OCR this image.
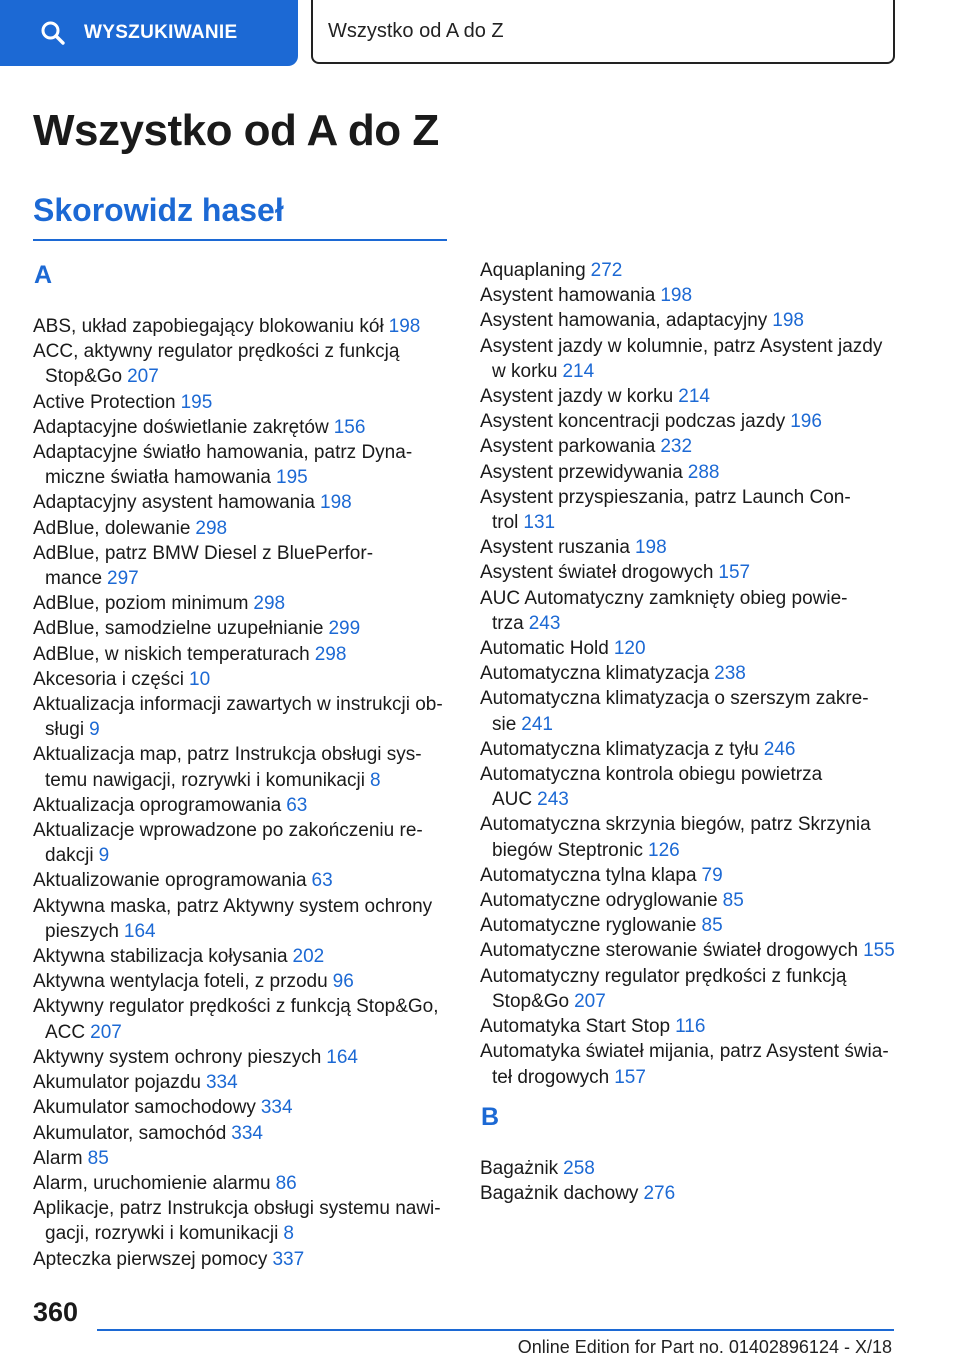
WYSZUKIWANIE	Wszystko od A do Z
Wszystko od A do Z
Skorowidz haseł
A
ABS, układ zapobiegający blokowaniu kół 198
ACC, aktywny regulator prędkości z funkcją Stop&Go 207
Active Protection 195
Adaptacyjne doświetlanie zakrętów 156
Adaptacyjne światło hamowania, patrz Dynamiczne światła hamowania 195
Adaptacyjny asystent hamowania 198
AdBlue, dolewanie 298
AdBlue, patrz BMW Diesel z BluePerformance 297
AdBlue, poziom minimum 298
AdBlue, samodzielne uzupełnianie 299
AdBlue, w niskich temperaturach 298
Akcesoria i części 10
Aktualizacja informacji zawartych w instrukcji obsługi 9
Aktualizacja map, patrz Instrukcja obsługi systemu nawigacji, rozrywki i komunikacji 8
Aktualizacja oprogramowania 63
Aktualizacje wprowadzone po zakończeniu redakcji 9
Aktualizowanie oprogramowania 63
Aktywna maska, patrz Aktywny system ochrony pieszych 164
Aktywna stabilizacja kołysania 202
Aktywna wentylacja foteli, z przodu 96
Aktywny regulator prędkości z funkcją Stop&Go, ACC 207
Aktywny system ochrony pieszych 164
Akumulator pojazdu 334
Akumulator samochodowy 334
Akumulator, samochód 334
Alarm 85
Alarm, uruchomienie alarmu 86
Aplikacje, patrz Instrukcja obsługi systemu nawigacji, rozrywki i komunikacji 8
Apteczka pierwszej pomocy 337
Aquaplaning 272
Asystent hamowania 198
Asystent hamowania, adaptacyjny 198
Asystent jazdy w kolumnie, patrz Asystent jazdy w korku 214
Asystent jazdy w korku 214
Asystent koncentracji podczas jazdy 196
Asystent parkowania 232
Asystent przewidywania 288
Asystent przyspieszania, patrz Launch Control 131
Asystent ruszania 198
Asystent świateł drogowych 157
AUC Automatyczny zamknięty obieg powietrza 243
Automatic Hold 120
Automatyczna klimatyzacja 238
Automatyczna klimatyzacja o szerszym zakresie 241
Automatyczna klimatyzacja z tyłu 246
Automatyczna kontrola obiegu powietrza AUC 243
Automatyczna skrzynia biegów, patrz Skrzynia biegów Steptronic 126
Automatyczna tylna klapa 79
Automatyczne odryglowanie 85
Automatyczne ryglowanie 85
Automatyczne sterowanie świateł drogowych 155
Automatyczny regulator prędkości z funkcją Stop&Go 207
Automatyka Start Stop 116
Automatyka świateł mijania, patrz Asystent świateł drogowych 157
B
Bagażnik 258
Bagażnik dachowy 276
360
Online Edition for Part no. 01402896124 - X/18
